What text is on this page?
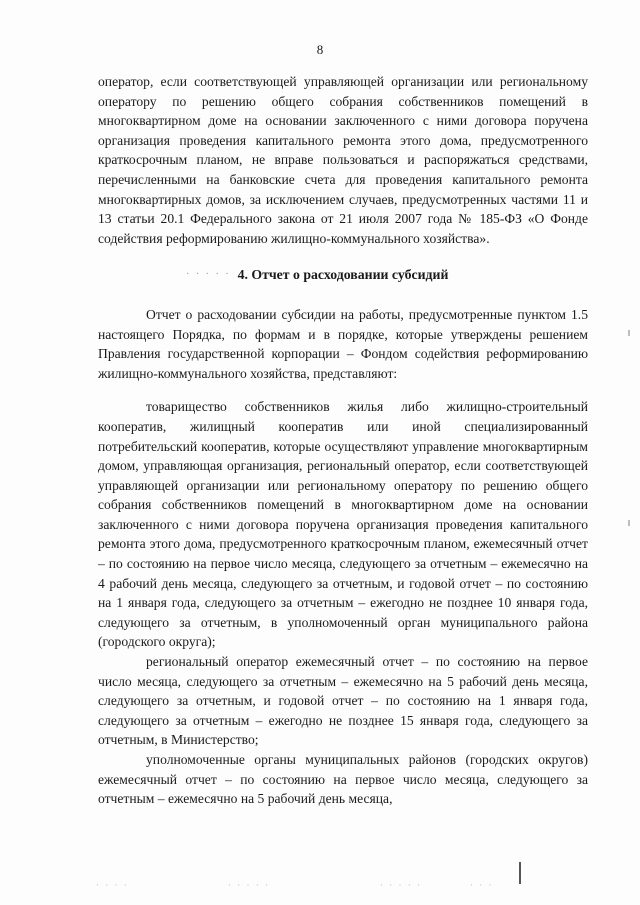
8

оператор, если соответствующей управляющей организации или региональному оператору по решению общего собрания собственников помещений в многоквартирном доме на основании заключенного с ними договора поручена организация проведения капитального ремонта этого дома, предусмотренного краткосрочным планом, не вправе пользоваться и распоряжаться средствами, перечисленными на банковские счета для проведения капитального ремонта многоквартирных домов, за исключением случаев, предусмотренных частями 11 и 13 статьи 20.1 Федерального закона от 21 июля 2007 года № 185-ФЗ «О Фонде содействия реформированию жилищно-коммунального хозяйства».

· · · · · 4. Отчет о расходовании субсидий

Отчет о расходовании субсидии на работы, предусмотренные пунктом 1.5 настоящего Порядка, по формам и в порядке, которые утверждены решением Правления государственной корпорации – Фондом содействия реформированию жилищно-коммунального хозяйства, представляют:

товарищество собственников жилья либо жилищно-строительный кооператив, жилищный кооператив или иной специализированный потребительский кооператив, которые осуществляют управление многоквартирным домом, управляющая организация, региональный оператор, если соответствующей управляющей организации или региональному оператору по решению общего собрания собственников помещений в многоквартирном доме на основании заключенного с ними договора поручена организация проведения капитального ремонта этого дома, предусмотренного краткосрочным планом, ежемесячный отчет – по состоянию на первое число месяца, следующего за отчетным – ежемесячно на 4 рабочий день месяца, следующего за отчетным, и годовой отчет – по состоянию на 1 января года, следующего за отчетным – ежегодно не позднее 10 января года, следующего за отчетным, в уполномоченный орган муниципального района (городского округа);

региональный оператор ежемесячный отчет – по состоянию на первое число месяца, следующего за отчетным – ежемесячно на 5 рабочий день месяца, следующего за отчетным, и годовой отчет – по состоянию на 1 января года, следующего за отчетным – ежегодно не позднее 15 января года, следующего за отчетным, в Министерство;

уполномоченные органы муниципальных районов (городских округов) ежемесячный отчет – по состоянию на первое число месяца, следующего за отчетным – ежемесячно на 5 рабочий день месяца,

· · · ·	· · · · ·	· · · · ·	· · ·
